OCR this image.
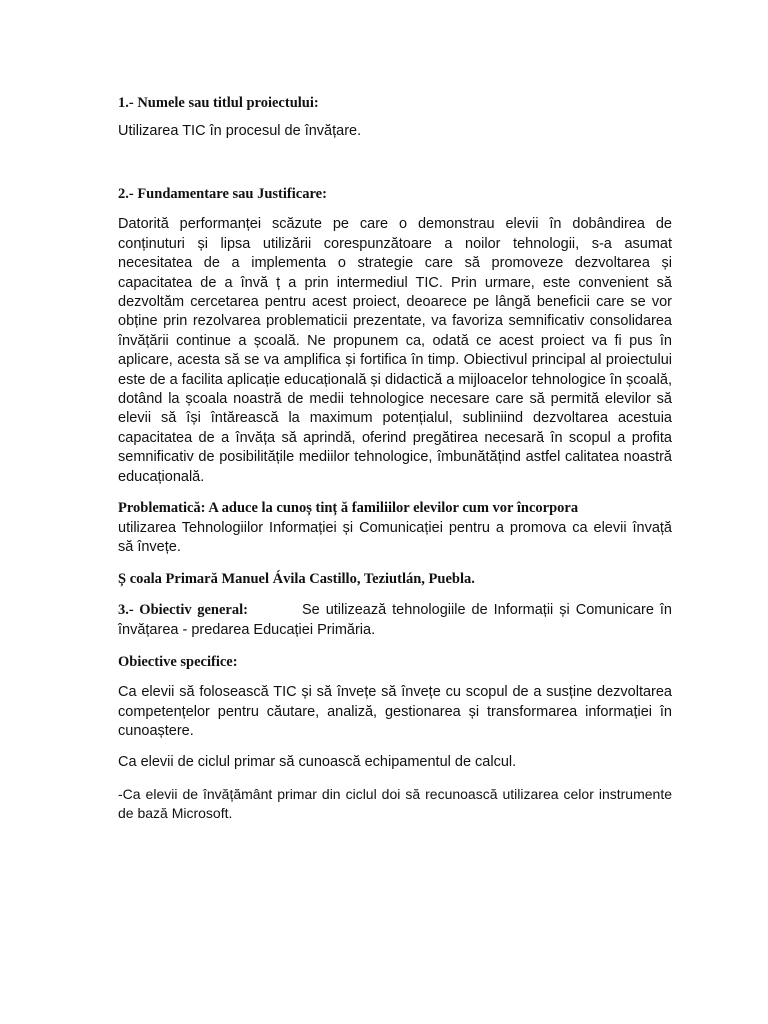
1.- Numele sau titlul proiectului:

Utilizarea TIC în procesul de învățare.

2.- Fundamentare sau Justificare:

Datorită performanței scăzute pe care o demonstrau elevii în dobândirea de conținuturi și lipsa utilizării corespunzătoare a noilor tehnologii, s-a asumat necesitatea de a implementa o strategie care să promoveze dezvoltarea și capacitatea de a învă ț a prin intermediul TIC. Prin urmare, este convenient să dezvoltăm cercetarea pentru acest proiect, deoarece pe lângă beneficii care se vor obține prin rezolvarea problematicii prezentate, va favoriza semnificativ consolidarea învățării continue a școală. Ne propunem ca, odată ce acest proiect va fi pus în aplicare, acesta să se va amplifica și fortifica în timp. Obiectivul principal al proiectului este de a facilita aplicație educațională și didactică a mijloacelor tehnologice în școală, dotând la școala noastră de medii tehnologice necesare care să permită elevilor să elevii să își întărească la maximum potențialul, subliniind dezvoltarea acestuia capacitatea de a învăța să aprindă, oferind pregătirea necesară în scopul a profita semnificativ de posibilitățile mediilor tehnologice, îmbunătățind astfel calitatea noastră educațională.

Problematică: A aduce la cunoș tinț ă familiilor elevilor cum vor încorpora
utilizarea Tehnologiilor Informației și Comunicației pentru a promova ca elevii învață să învețe.

Ș coala Primară Manuel Ávila Castillo, Teziutlán, Puebla.

3.- Obiectiv general:	Se utilizează tehnologiile de Informații și Comunicare în învățarea - predarea Educației Primăria.

Obiective specifice:

Ca elevii să folosească TIC și să învețe să învețe cu scopul de a susține dezvoltarea competențelor pentru căutare, analiză, gestionarea și transformarea informației în cunoaștere.

Ca elevii de ciclul primar să cunoască echipamentul de calcul.

-Ca elevii de învățământ primar din ciclul doi să recunoască utilizarea celor instrumente de bază Microsoft.
